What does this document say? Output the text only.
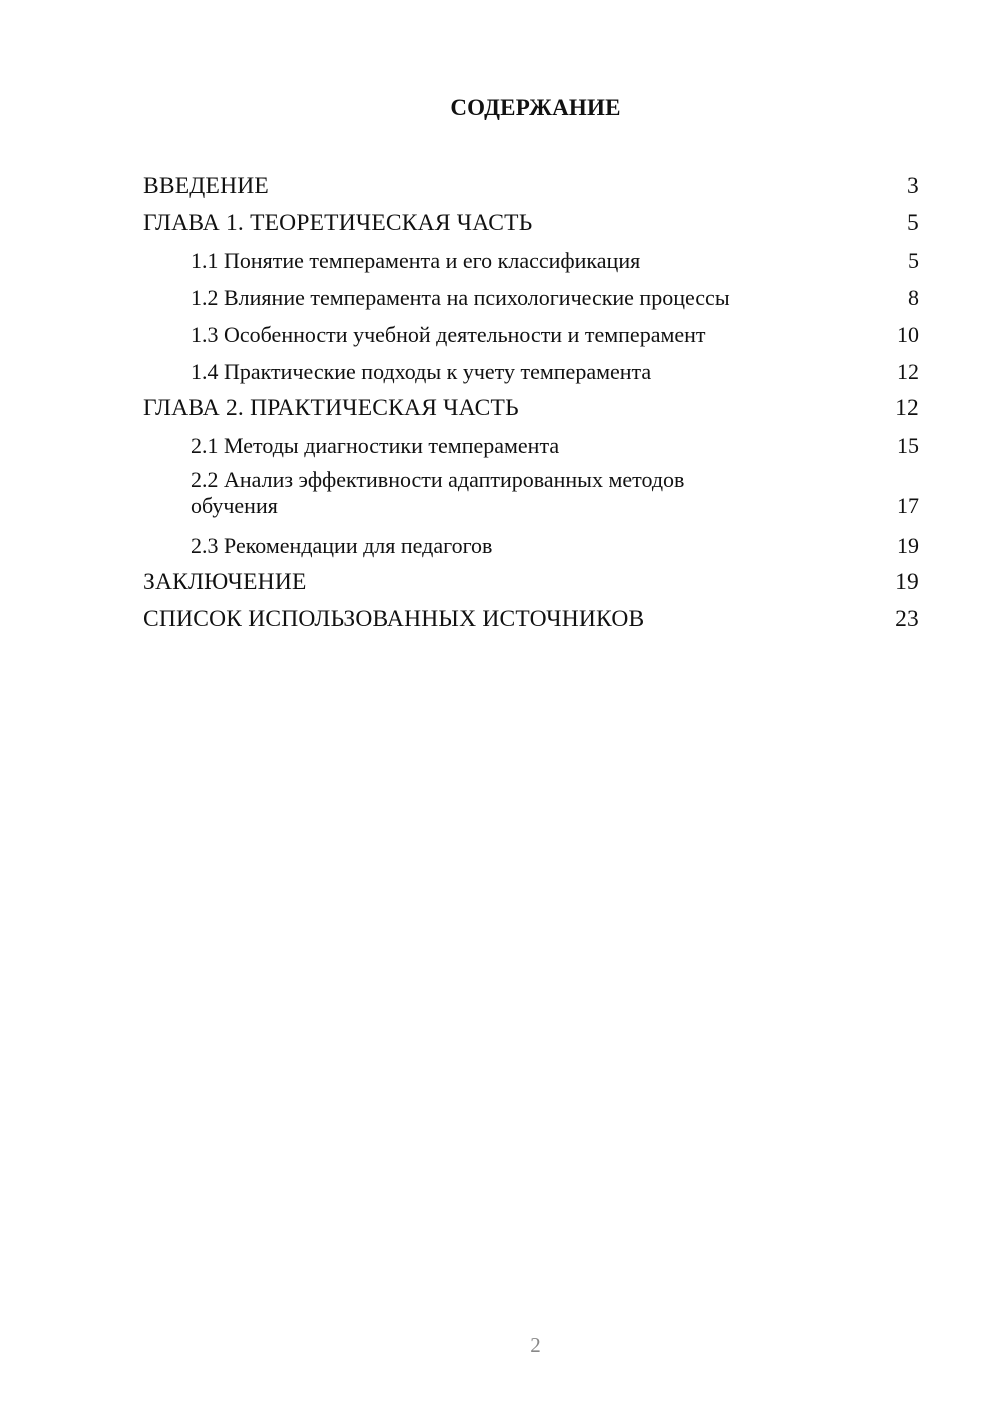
СОДЕРЖАНИЕ
ВВЕДЕНИЕ	3
ГЛАВА 1. ТЕОРЕТИЧЕСКАЯ ЧАСТЬ	5
1.1 Понятие темперамента и его классификация	5
1.2 Влияние темперамента на психологические процессы	8
1.3 Особенности учебной деятельности и темперамент	10
1.4 Практические подходы к учету темперамента	12
ГЛАВА 2. ПРАКТИЧЕСКАЯ ЧАСТЬ	12
2.1 Методы диагностики темперамента	15
2.2 Анализ эффективности адаптированных методов обучения	17
2.3 Рекомендации для педагогов	19
ЗАКЛЮЧЕНИЕ	19
СПИСОК ИСПОЛЬЗОВАННЫХ ИСТОЧНИКОВ	23
2
